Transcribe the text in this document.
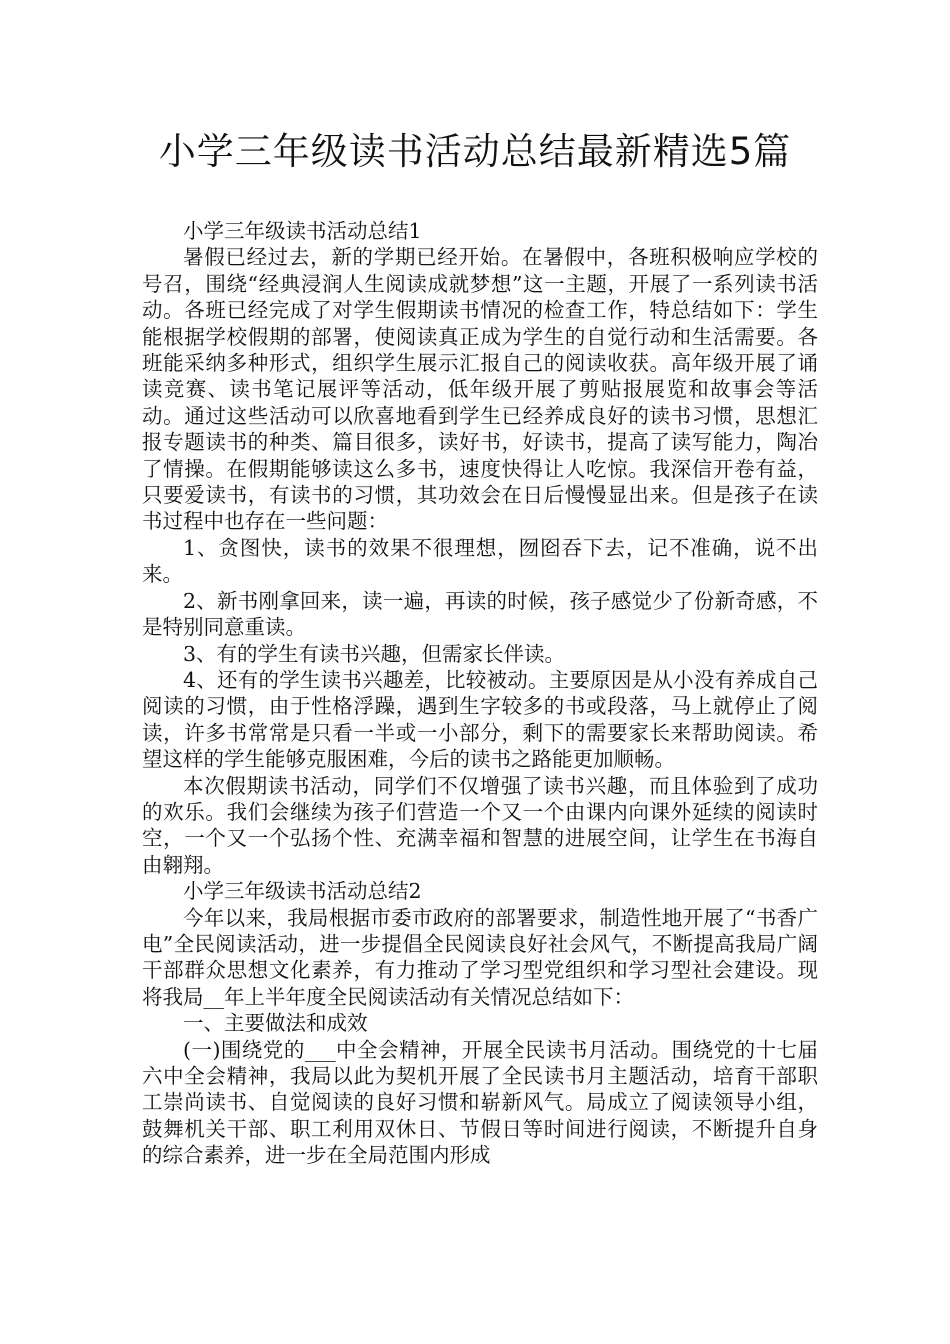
小学三年级读书活动总结最新精选5篇

小学三年级读书活动总结1

暑假已经过去，新的学期已经开始。在暑假中，各班积极响应学校的号召，围绕“经典浸润人生阅读成就梦想”这一主题，开展了一系列读书活动。各班已经完成了对学生假期读书情况的检查工作，特总结如下：学生能根据学校假期的部署，使阅读真正成为学生的自觉行动和生活需要。各班能采纳多种形式，组织学生展示汇报自己的阅读收获。高年级开展了诵读竞赛、读书笔记展评等活动，低年级开展了剪贴报展览和故事会等活动。通过这些活动可以欣喜地看到学生已经养成良好的读书习惯，思想汇报专题读书的种类、篇目很多，读好书，好读书，提高了读写能力，陶冶了情操。在假期能够读这么多书，速度快得让人吃惊。我深信开卷有益，只要爱读书，有读书的习惯，其功效会在日后慢慢显出来。但是孩子在读书过程中也存在一些问题：

1、贪图快，读书的效果不很理想，囫囵吞下去，记不准确，说不出来。

2、新书刚拿回来，读一遍，再读的时候，孩子感觉少了份新奇感，不是特别同意重读。

3、有的学生有读书兴趣，但需家长伴读。

4、还有的学生读书兴趣差，比较被动。主要原因是从小没有养成自己阅读的习惯，由于性格浮躁，遇到生字较多的书或段落，马上就停止了阅读，许多书常常是只看一半或一小部分，剩下的需要家长来帮助阅读。希望这样的学生能够克服困难，今后的读书之路能更加顺畅。

本次假期读书活动，同学们不仅增强了读书兴趣，而且体验到了成功的欢乐。我们会继续为孩子们营造一个又一个由课内向课外延续的阅读时空，一个又一个弘扬个性、充满幸福和智慧的进展空间，让学生在书海自由翱翔。

小学三年级读书活动总结2

今年以来，我局根据市委市政府的部署要求，制造性地开展了“书香广电”全民阅读活动，进一步提倡全民阅读良好社会风气，不断提高我局广阔干部群众思想文化素养，有力推动了学习型党组织和学习型社会建设。现将我局__年上半年度全民阅读活动有关情况总结如下：

一、主要做法和成效

(一)围绕党的___中全会精神，开展全民读书月活动。围绕党的十七届六中全会精神，我局以此为契机开展了全民读书月主题活动，培育干部职工崇尚读书、自觉阅读的良好习惯和崭新风气。局成立了阅读领导小组，鼓舞机关干部、职工利用双休日、节假日等时间进行阅读，不断提升自身的综合素养，进一步在全局范围内形成
